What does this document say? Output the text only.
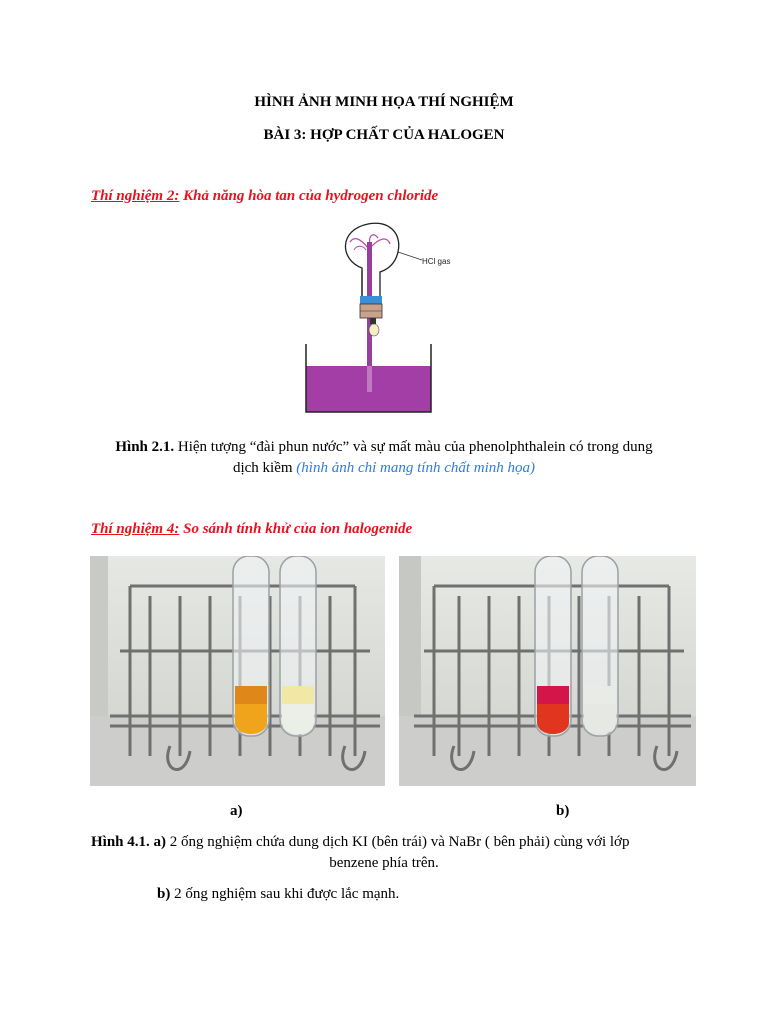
HÌNH ẢNH MINH HỌA THÍ NGHIỆM
BÀI 3: HỢP CHẤT CỦA HALOGEN
Thí nghiệm 2: Khả năng hòa tan của hydrogen chloride
HCl gas
Hình 2.1. Hiện tượng “đài phun nước” và sự mất màu của phenolphthalein có trong dung
dịch kiềm (hình ảnh chỉ mang tính chất minh họa)
Thí nghiệm 4: So sánh tính khử của ion halogenide
a)	b)
Hình 4.1. a) 2 ống nghiệm chứa dung dịch KI (bên trái) và NaBr ( bên phải) cùng với lớp
benzene phía trên.
b) 2 ống nghiệm sau khi được lắc mạnh.
